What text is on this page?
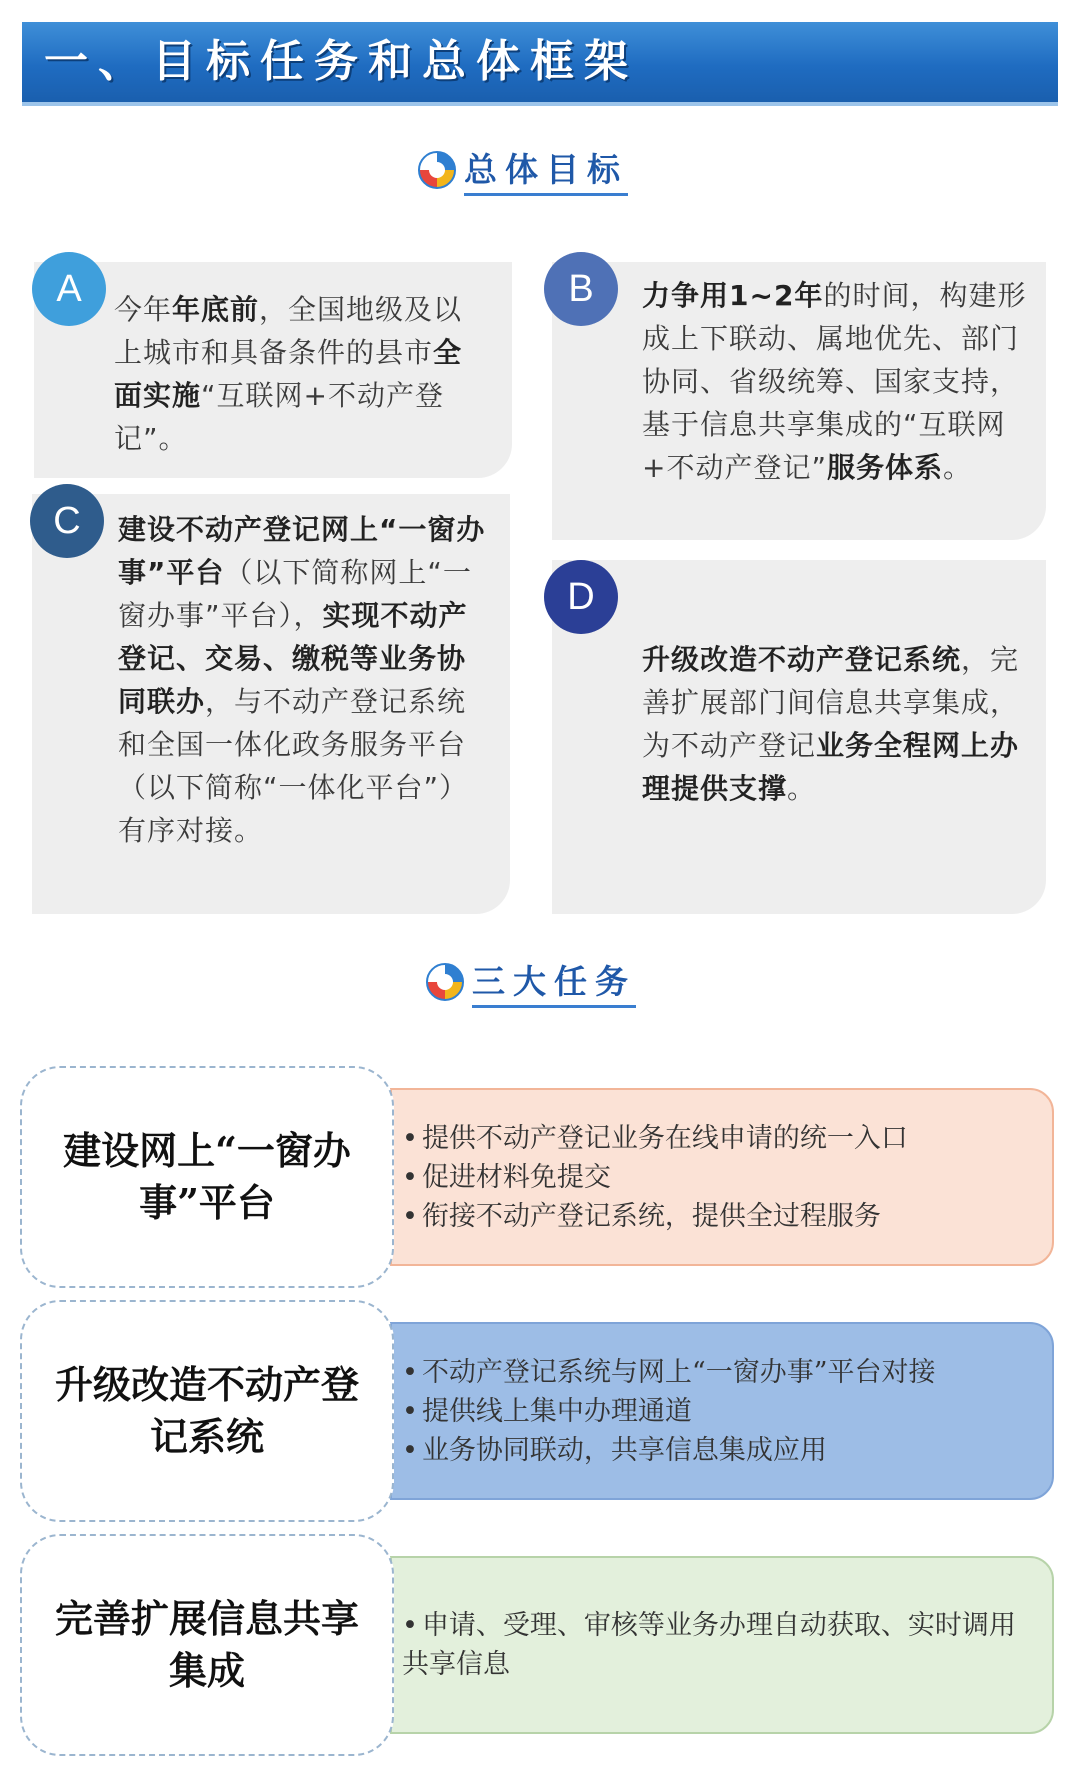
一、目标任务和总体框架
总体目标
今年年底前，全国地级及以上城市和具备条件的县市全面实施“互联网+不动产登记”。
A	力争用1~2年的时间，构建形成上下联动、属地优先、部门协同、省级统筹、国家支持，基于信息共享集成的“互联网+不动产登记”服务体系。
B
建设不动产登记网上“一窗办事”平台（以下简称网上“一窗办事”平台），实现不动产登记、交易、缴税等业务协同联办，与不动产登记系统和全国一体化政务服务平台（以下简称“一体化平台”）有序对接。
C
升级改造不动产登记系统，完善扩展部门间信息共享集成，为不动产登记业务全程网上办理提供支撑。
D
三大任务
• 提供不动产登记业务在线申请的统一入口
• 促进材料免提交
• 衔接不动产登记系统，提供全过程服务
建设网上“一窗办事”平台
• 不动产登记系统与网上“一窗办事”平台对接
• 提供线上集中办理通道
• 业务协同联动，共享信息集成应用
升级改造不动产登记系统
• 申请、受理、审核等业务办理自动获取、实时调用共享信息
完善扩展信息共享集成
